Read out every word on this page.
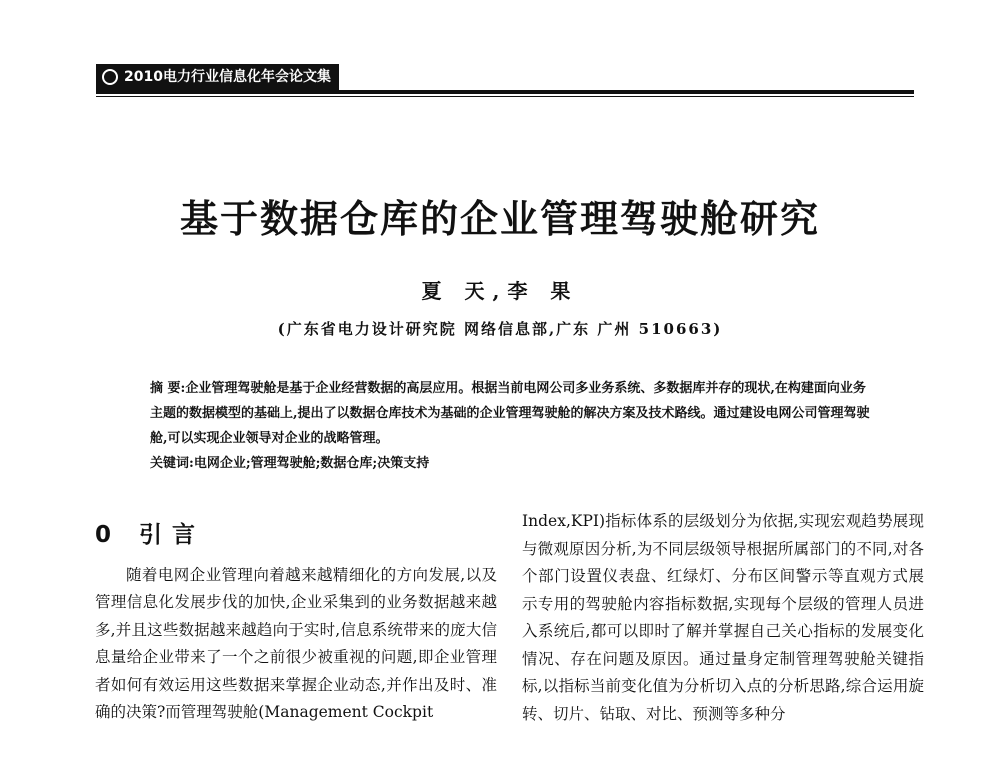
2010电力行业信息化年会论文集
基于数据仓库的企业管理驾驶舱研究
夏 天,李 果
(广东省电力设计研究院 网络信息部,广东 广州 510663)

摘 要:企业管理驾驶舱是基于企业经营数据的高层应用。根据当前电网公司多业务系统、多数据库并存的现状,在构建面向业务主题的数据模型的基础上,提出了以数据仓库技术为基础的企业管理驾驶舱的解决方案及技术路线。通过建设电网公司管理驾驶舱,可以实现企业领导对企业的战略管理。

关键词:电网企业;管理驾驶舱;数据仓库;决策支持

0 引言

随着电网企业管理向着越来越精细化的方向发展,以及管理信息化发展步伐的加快,企业采集到的业务数据越来越多,并且这些数据越来越趋向于实时,信息系统带来的庞大信息量给企业带来了一个之前很少被重视的问题,即企业管理者如何有效运用这些数据来掌握企业动态,并作出及时、准确的决策?而管理驾驶舱(Management Cockpit

Index,KPI)指标体系的层级划分为依据,实现宏观趋势展现与微观原因分析,为不同层级领导根据所属部门的不同,对各个部门设置仪表盘、红绿灯、分布区间警示等直观方式展示专用的驾驶舱内容指标数据,实现每个层级的管理人员进入系统后,都可以即时了解并掌握自己关心指标的发展变化情况、存在问题及原因。通过量身定制管理驾驶舱关键指标,以指标当前变化值为分析切入点的分析思路,综合运用旋转、切片、钻取、对比、预测等多种分
